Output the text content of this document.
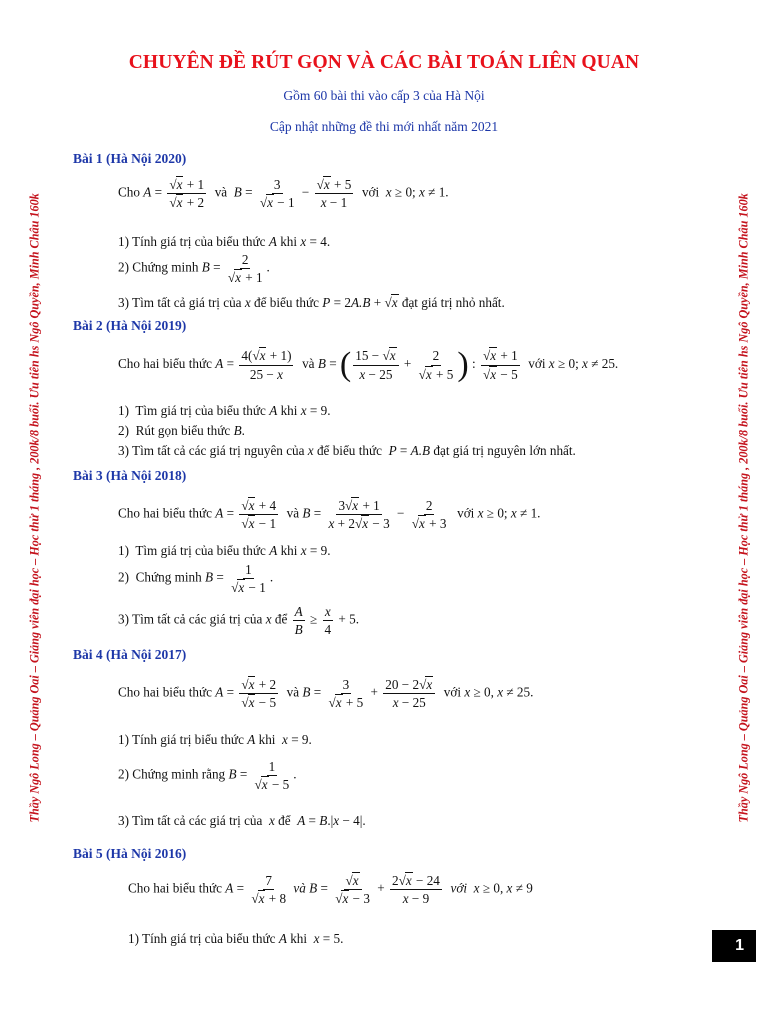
CHUYÊN ĐỀ RÚT GỌN VÀ CÁC BÀI TOÁN LIÊN QUAN
Gồm 60 bài thi vào cấp 3 của Hà Nội
Cập nhật những đề thi mới nhất năm 2021
Thầy Ngô Long – Quảng Oai – Giảng viên đại học – Học thử 1 tháng , 200k/8 buổi. Ưu tiên hs Ngô Quyền, Minh Châu 160k	Thầy Ngô Long – Quảng Oai – Giảng viên đại học – Học thử 1 tháng , 200k/8 buổi. Ưu tiên hs Ngô Quyền, Minh Châu 160k
Bài 1 (Hà Nội 2020)
Cho $A = \frac{√x + 1}{√x + 2}$ và  $B = \frac{3}{√x - 1} - \frac{√x + 5}{x - 1}$ với  x ≥ 0; x ≠ 1.
1) Tính giá trị của biểu thức A khi x = 4.
2) Chứng minh $B = \frac{2}{√x + 1}$ .
3) Tìm tất cả giá trị của x để biểu thức P = 2A.B + √x đạt giá trị nhỏ nhất.
Bài 2 (Hà Nội 2019)
Cho hai biểu thức $A = \frac{4(√x + 1)}{25 - x}$ và B = ( $\frac{15 - √x}{x - 25} + \frac{2}{√x + 5}$ ) : $\frac{√x + 1}{√x - 5}$ với x ≥ 0; x ≠ 25.
1)  Tìm giá trị của biểu thức A khi x = 9.
2)  Rút gọn biểu thức B.
3) Tìm tất cả các giá trị nguyên của x để biểu thức  P = A.B đạt giá trị nguyên lớn nhất.
Bài 3 (Hà Nội 2018)
Cho hai biểu thức $A = \frac{√x + 4}{√x - 1}$ và $B = \frac{3√x + 1}{x + 2√x - 3} - \frac{2}{√x + 3}$ với x ≥ 0; x ≠ 1.
1)  Tìm giá trị của biểu thức A khi x = 9.
2)  Chứng minh $B = \frac{1}{√x - 1}$ .
3) Tìm tất cả các giá trị của x để $\frac{A}{B} \ge \frac{x}{4} + 5$.
Bài 4 (Hà Nội 2017)
Cho hai biểu thức $A = \frac{√x + 2}{√x - 5}$ và $B = \frac{3}{√x + 5} + \frac{20 - 2√x}{x - 25}$ với x ≥ 0, x ≠ 25.
1) Tính giá trị biểu thức A khi  x = 9.
2) Chứng minh rằng $B = \frac{1}{√x - 5}$ .
3) Tìm tất cả các giá trị của  x để  A = B.|x − 4|.
Bài 5 (Hà Nội 2016)
Cho hai biểu thức $A = \frac{7}{√x + 8}$ và $B = \frac{√x}{√x - 3} + \frac{2√x - 24}{x - 9}$ với  x ≥ 0, x ≠ 9
1) Tính giá trị của biểu thức A khi  x = 5.	1
